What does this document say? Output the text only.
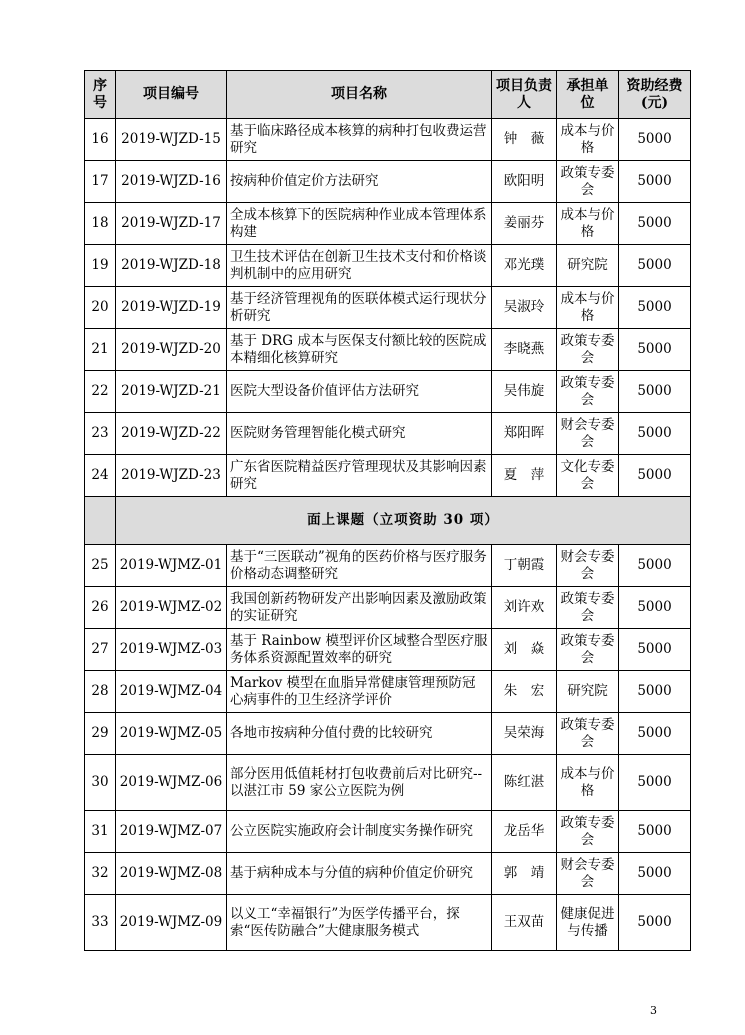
序号	项目编号	项目名称	项目负责人	承担单位	资助经费(元)
16	2019-WJZD-15	基于临床路径成本核算的病种打包收费运营研究	钟　薇	成本与价格	5000
17	2019-WJZD-16	按病种价值定价方法研究	欧阳明	政策专委会	5000
18	2019-WJZD-17	全成本核算下的医院病种作业成本管理体系构建	姜丽芬	成本与价格	5000
19	2019-WJZD-18	卫生技术评估在创新卫生技术支付和价格谈判机制中的应用研究	邓光璞	研究院	5000
20	2019-WJZD-19	基于经济管理视角的医联体模式运行现状分析研究	吴淑玲	成本与价格	5000
21	2019-WJZD-20	基于 DRG 成本与医保支付额比较的医院成本精细化核算研究	李晓燕	政策专委会	5000
22	2019-WJZD-21	医院大型设备价值评估方法研究	吴伟旋	政策专委会	5000
23	2019-WJZD-22	医院财务管理智能化模式研究	郑阳晖	财会专委会	5000
24	2019-WJZD-23	广东省医院精益医疗管理现状及其影响因素研究	夏　萍	文化专委会	5000
	面上课题（立项资助 30 项）				
25	2019-WJMZ-01	基于“三医联动”视角的医药价格与医疗服务价格动态调整研究	丁朝霞	财会专委会	5000
26	2019-WJMZ-02	我国创新药物研发产出影响因素及激励政策的实证研究	刘许欢	政策专委会	5000
27	2019-WJMZ-03	基于 Rainbow 模型评价区域整合型医疗服务体系资源配置效率的研究	刘　焱	政策专委会	5000
28	2019-WJMZ-04	Markov 模型在血脂异常健康管理预防冠心病事件的卫生经济学评价	朱　宏	研究院	5000
29	2019-WJMZ-05	各地市按病种分值付费的比较研究	吴荣海	政策专委会	5000
30	2019-WJMZ-06	部分医用低值耗材打包收费前后对比研究--以湛江市 59 家公立医院为例	陈红湛	成本与价格	5000
31	2019-WJMZ-07	公立医院实施政府会计制度实务操作研究	龙岳华	政策专委会	5000
32	2019-WJMZ-08	基于病种成本与分值的病种价值定价研究	郭　靖	财会专委会	5000
33	2019-WJMZ-09	以义工“幸福银行”为医学传播平台，探索“医传防融合”大健康服务模式	王双苗	健康促进与传播	5000
3
